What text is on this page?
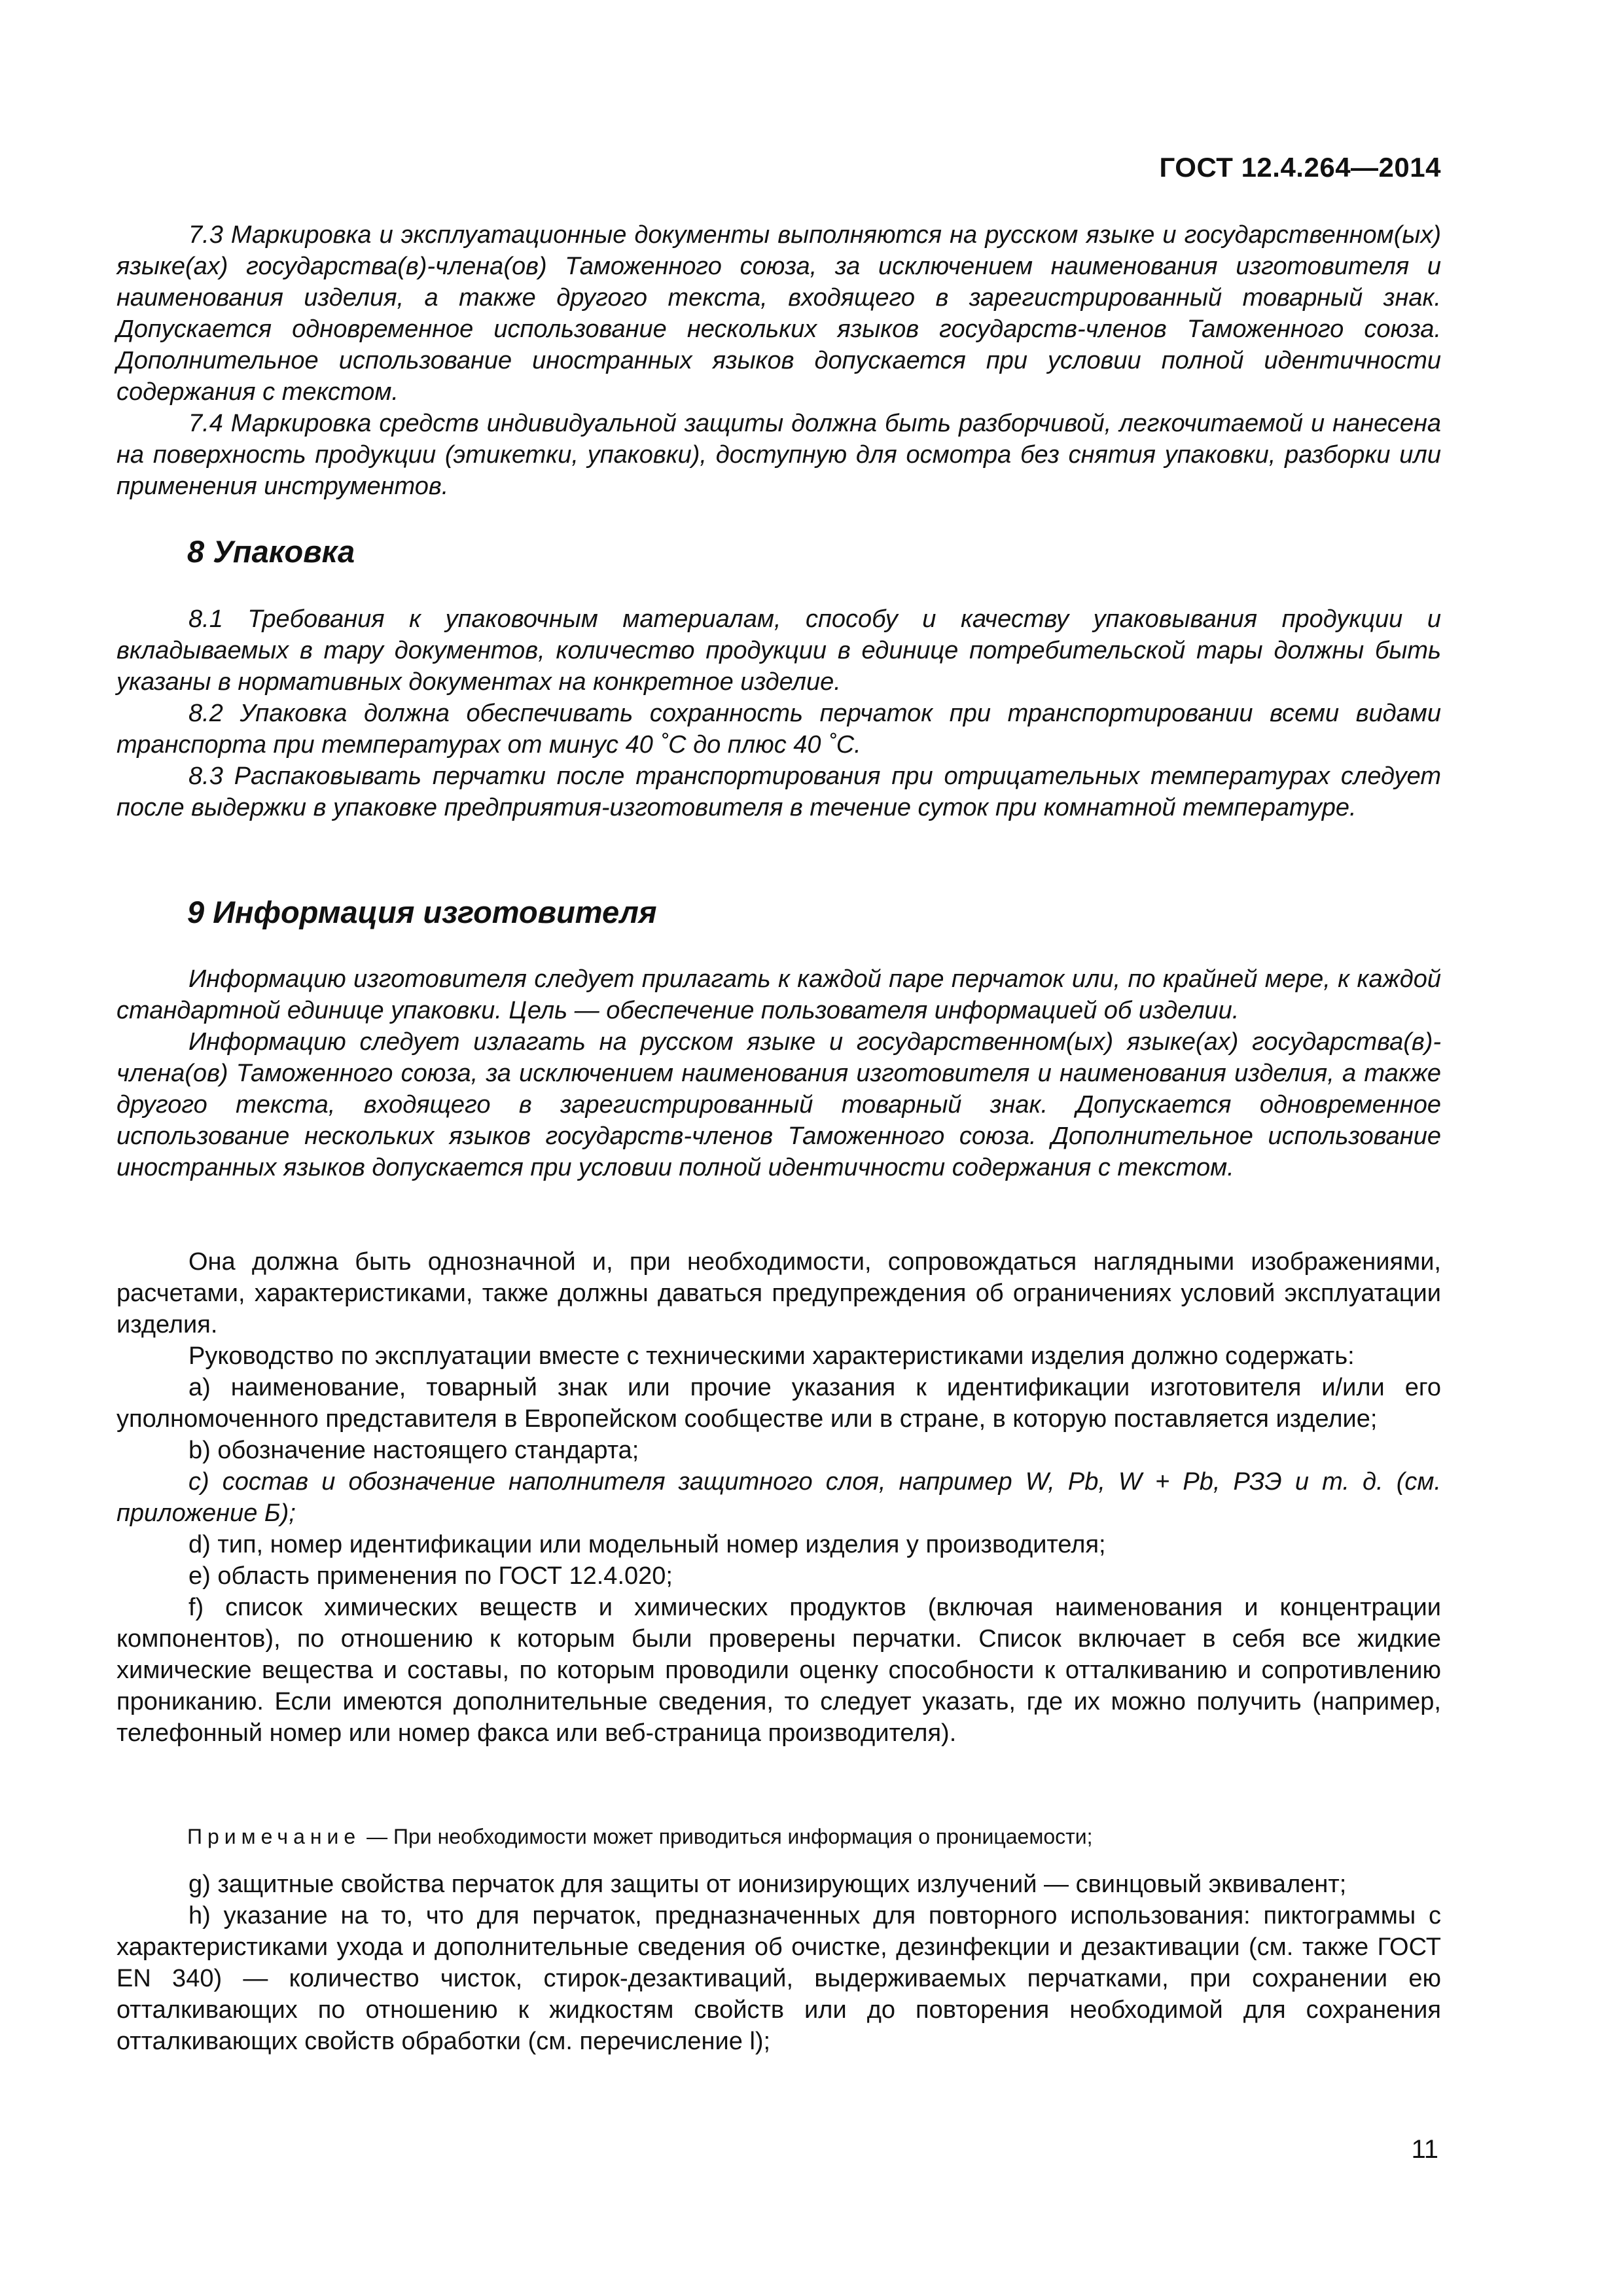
ГОСТ 12.4.264—2014

7.3 Маркировка и эксплуатационные документы выполняются на русском языке и государственном(ых) языке(ах) государства(в)-члена(ов) Таможенного союза, за исключением наименования изготовителя и наименования изделия, а также другого текста, входящего в зарегистрированный товарный знак. Допускается одновременное использование нескольких языков государств-членов Таможенного союза. Дополнительное использование иностранных языков допускается при условии полной идентичности содержания с текстом.

7.4 Маркировка средств индивидуальной защиты должна быть разборчивой, легкочитаемой и нанесена на поверхность продукции (этикетки, упаковки), доступную для осмотра без снятия упаковки, разборки или применения инструментов.

8 Упаковка

8.1 Требования к упаковочным материалам, способу и качеству упаковывания продукции и вкладываемых в тару документов, количество продукции в единице потребительской тары должны быть указаны в нормативных документах на конкретное изделие.

8.2 Упаковка должна обеспечивать сохранность перчаток при транспортировании всеми видами транспорта при температурах от минус 40 ˚C до плюс 40 ˚C.

8.3 Распаковывать перчатки после транспортирования при отрицательных температурах следует после выдержки в упаковке предприятия-изготовителя в течение суток при комнатной температуре.

9 Информация изготовителя

Информацию изготовителя следует прилагать к каждой паре перчаток или, по крайней мере, к каждой стандартной единице упаковки. Цель — обеспечение пользователя информацией об изделии.

Информацию следует излагать на русском языке и государственном(ых) языке(ах) государства(в)-члена(ов) Таможенного союза, за исключением наименования изготовителя и наименования изделия, а также другого текста, входящего в зарегистрированный товарный знак. Допускается одновременное использование нескольких языков государств-членов Таможенного союза. Дополнительное использование иностранных языков допускается при условии полной идентичности содержания с текстом.

Она должна быть однозначной и, при необходимости, сопровождаться наглядными изображениями, расчетами, характеристиками, также должны даваться предупреждения об ограничениях условий эксплуатации изделия.

Руководство по эксплуатации вместе с техническими характеристиками изделия должно содержать:

a) наименование, товарный знак или прочие указания к идентификации изготовителя и/или его уполномоченного представителя в Европейском сообществе или в стране, в которую поставляется изделие;

b) обозначение настоящего стандарта;

c) состав и обозначение наполнителя защитного слоя, например W, Pb, W + Pb, РЗЭ и т. д. (см. приложение Б);

d) тип, номер идентификации или модельный номер изделия у производителя;

e) область применения по ГОСТ 12.4.020;

f) список химических веществ и химических продуктов (включая наименования и концентрации компонентов), по отношению к которым были проверены перчатки. Список включает в себя все жидкие химические вещества и составы, по которым проводили оценку способности к отталкиванию и сопротивлению прониканию. Если имеются дополнительные сведения, то следует указать, где их можно получить (например, телефонный номер или номер факса или веб-страница производителя).

Примечание — При необходимости может приводиться информация о проницаемости;

g) защитные свойства перчаток для защиты от ионизирующих излучений — свинцовый эквивалент;

h) указание на то, что для перчаток, предназначенных для повторного использования: пиктограммы с характеристиками ухода и дополнительные сведения об очистке, дезинфекции и дезактивации (см. также ГОСТ EN 340) — количество чисток, стирок-дезактиваций, выдерживаемых перчатками, при сохранении ею отталкивающих по отношению к жидкостям свойств или до повторения необходимой для сохранения отталкивающих свойств обработки (см. перечисление l);

11
